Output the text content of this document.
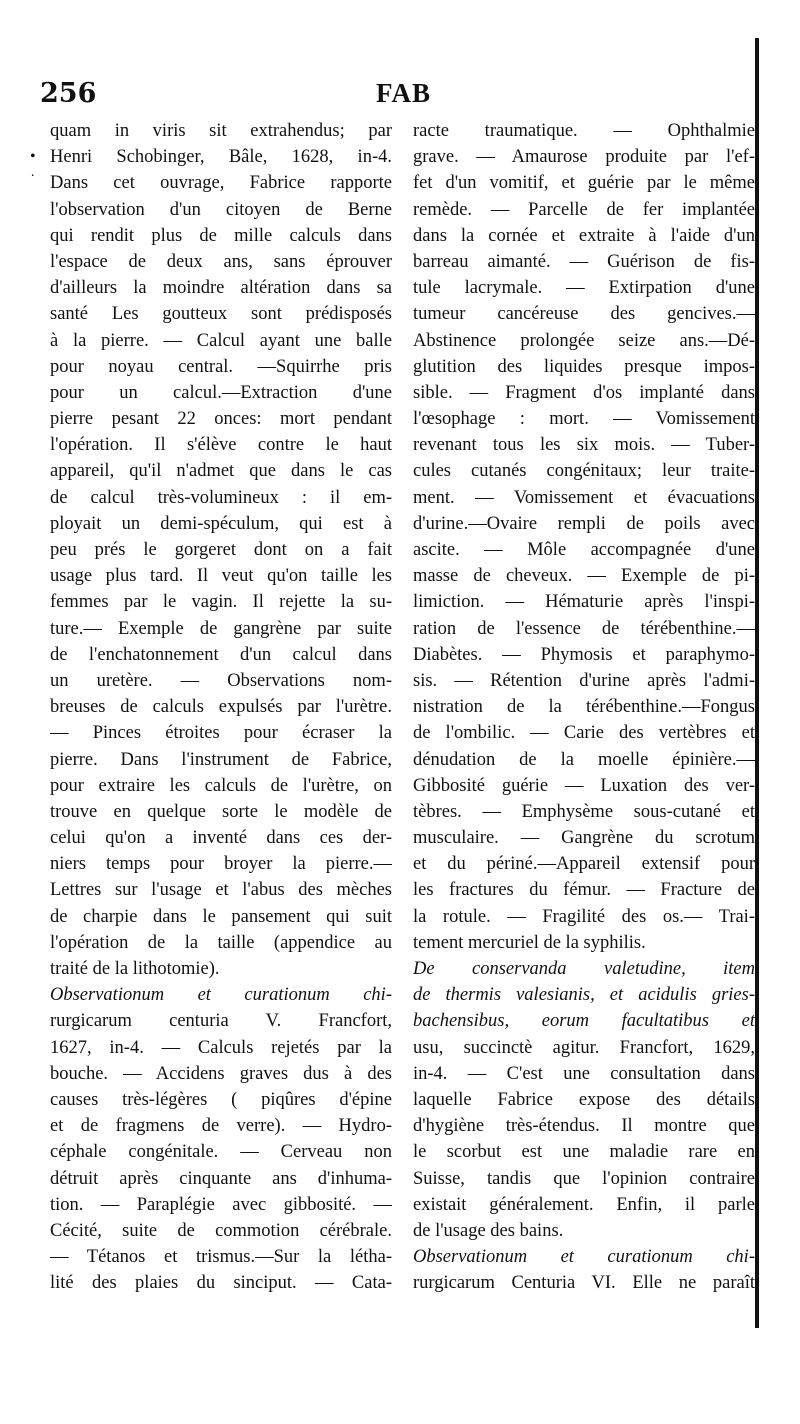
256	FAB
•
˙
quam in viris sit extrahendus; par
Henri Schobinger, Bâle, 1628, in-4.
Dans cet ouvrage, Fabrice rapporte
l'observation d'un citoyen de Berne
qui rendit plus de mille calculs dans
l'espace de deux ans, sans éprouver
d'ailleurs la moindre altération dans sa
santé Les goutteux sont prédisposés
à la pierre. — Calcul ayant une balle
pour noyau central. —Squirrhe pris
pour un calcul.—Extraction d'une
pierre pesant 22 onces: mort pendant
l'opération. Il s'élève contre le haut
appareil, qu'il n'admet que dans le cas
de calcul très-volumineux : il em-
ployait un demi-spéculum, qui est à
peu prés le gorgeret dont on a fait
usage plus tard. Il veut qu'on taille les
femmes par le vagin. Il rejette la su-
ture.— Exemple de gangrène par suite
de l'enchatonnement d'un calcul dans
un uretère. — Observations nom-
breuses de calculs expulsés par l'urètre.
— Pinces étroites pour écraser la
pierre. Dans l'instrument de Fabrice,
pour extraire les calculs de l'urètre, on
trouve en quelque sorte le modèle de
celui qu'on a inventé dans ces der-
niers temps pour broyer la pierre.—
Lettres sur l'usage et l'abus des mèches
de charpie dans le pansement qui suit
l'opération de la taille (appendice au
traité de la lithotomie).
Observationum et curationum chi-
rurgicarum centuria V. Francfort,
1627, in-4. — Calculs rejetés par la
bouche. — Accidens graves dus à des
causes très-légères ( piqûres d'épine
et de fragmens de verre). — Hydro-
céphale congénitale. — Cerveau non
détruit après cinquante ans d'inhuma-
tion. — Paraplégie avec gibbosité. —
Cécité, suite de commotion cérébrale.
— Tétanos et trismus.—Sur la létha-
lité des plaies du sinciput. — Cata-
racte traumatique. — Ophthalmie
grave. — Amaurose produite par l'ef-
fet d'un vomitif, et guérie par le même
remède. — Parcelle de fer implantée
dans la cornée et extraite à l'aide d'un
barreau aimanté. — Guérison de fis-
tule lacrymale. — Extirpation d'une
tumeur cancéreuse des gencives.—
Abstinence prolongée seize ans.—Dé-
glutition des liquides presque impos-
sible. — Fragment d'os implanté dans
l'œsophage : mort. — Vomissement
revenant tous les six mois. — Tuber-
cules cutanés congénitaux; leur traite-
ment. — Vomissement et évacuations
d'urine.—Ovaire rempli de poils avec
ascite. — Môle accompagnée d'une
masse de cheveux. — Exemple de pi-
limiction. — Hématurie après l'inspi-
ration de l'essence de térébenthine.—
Diabètes. — Phymosis et paraphymo-
sis. — Rétention d'urine après l'admi-
nistration de la térébenthine.—Fongus
de l'ombilic. — Carie des vertèbres et
dénudation de la moelle épinière.—
Gibbosité guérie — Luxation des ver-
tèbres. — Emphysème sous-cutané et
musculaire. — Gangrène du scrotum
et du périné.—Appareil extensif pour
les fractures du fémur. — Fracture de
la rotule. — Fragilité des os.— Trai-
tement mercuriel de la syphilis.
De conservanda valetudine, item
de thermis valesianis, et acidulis gries-
bachensibus, eorum facultatibus et
usu, succinctè agitur. Francfort, 1629,
in-4. — C'est une consultation dans
laquelle Fabrice expose des détails
d'hygiène très-étendus. Il montre que
le scorbut est une maladie rare en
Suisse, tandis que l'opinion contraire
existait généralement. Enfin, il parle
de l'usage des bains.
Observationum et curationum chi-
rurgicarum Centuria VI. Elle ne paraît
